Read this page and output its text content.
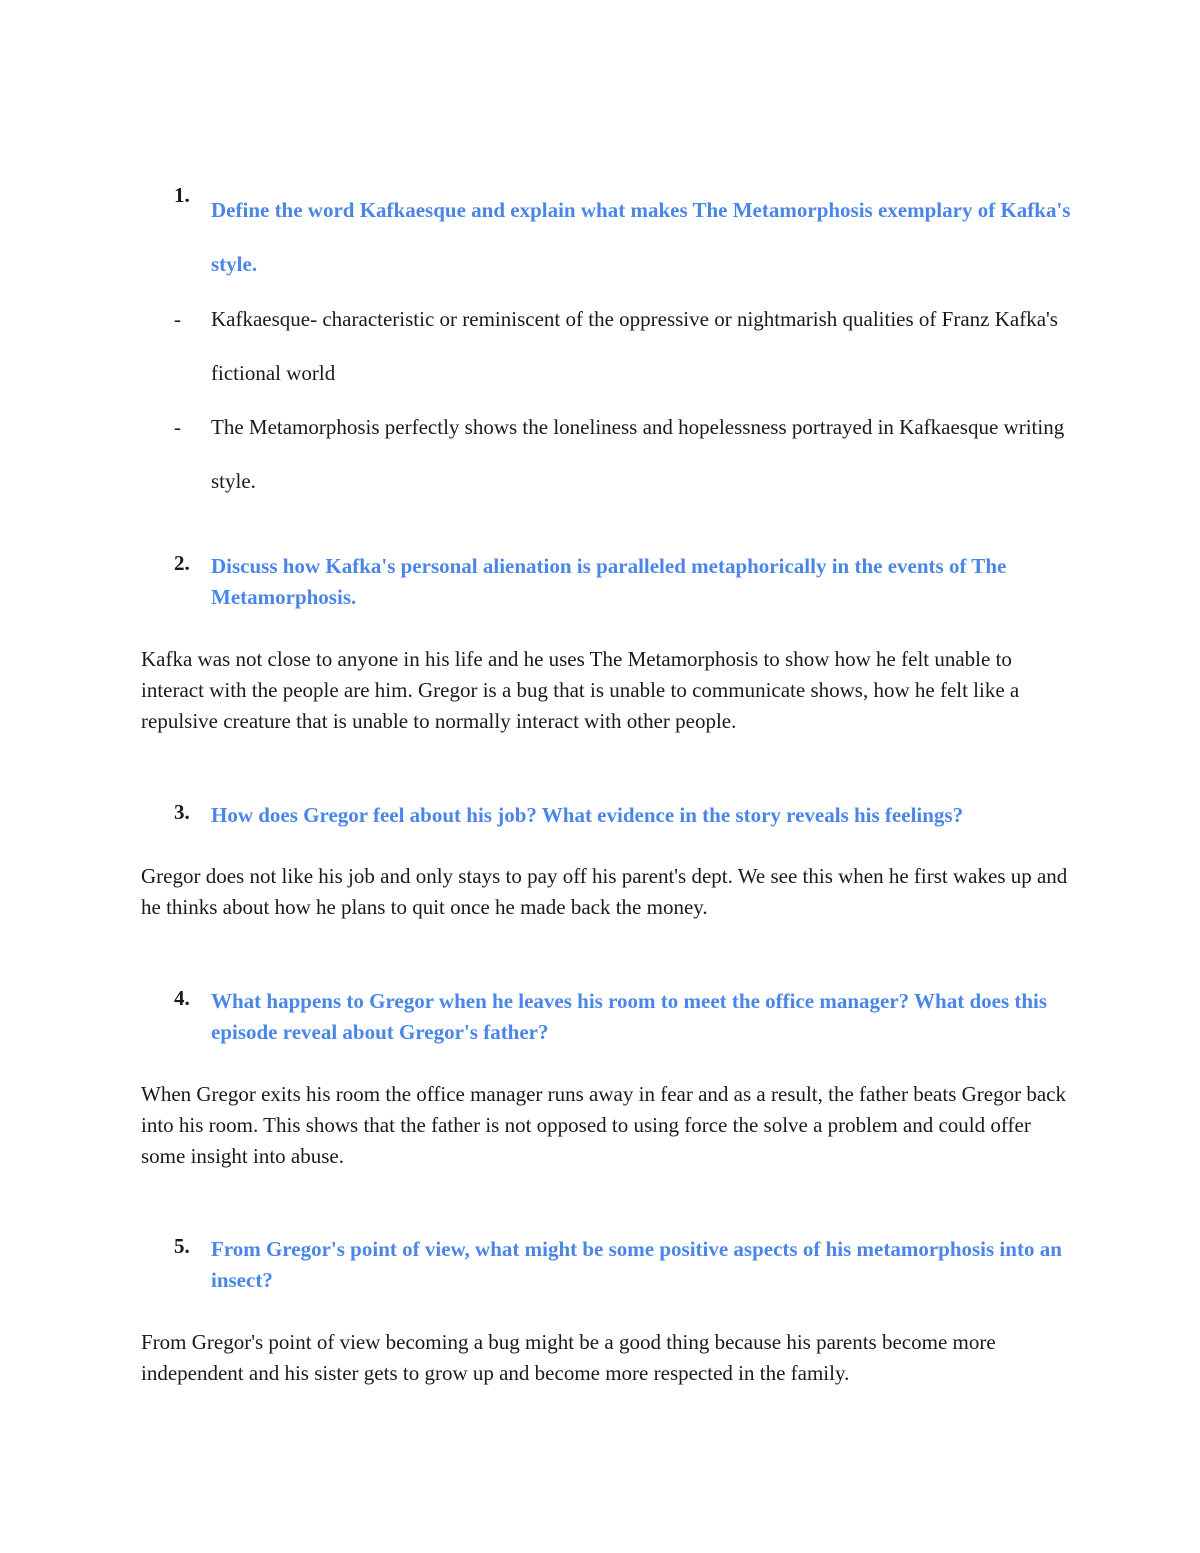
1.
Define the word Kafkaesque and explain what makes The Metamorphosis exemplary of Kafka's style.
- Kafkaesque- characteristic or reminiscent of the oppressive or nightmarish qualities of Franz Kafka's fictional world
- The Metamorphosis perfectly shows the loneliness and hopelessness portrayed in Kafkaesque writing style.
2. Discuss how Kafka's personal alienation is paralleled metaphorically in the events of The Metamorphosis.
Kafka was not close to anyone in his life and he uses The Metamorphosis to show how he felt unable to interact with the people are him. Gregor is a bug that is unable to communicate shows, how he felt like a repulsive creature that is unable to normally interact with other people.
3. How does Gregor feel about his job? What evidence in the story reveals his feelings?
Gregor does not like his job and only stays to pay off his parent's dept. We see this when he first wakes up and he thinks about how he plans to quit once he made back the money.
4. What happens to Gregor when he leaves his room to meet the office manager? What does this episode reveal about Gregor's father?
When Gregor exits his room the office manager runs away in fear and as a result, the father beats Gregor back into his room. This shows that the father is not opposed to using force the solve a problem and could offer some insight into abuse.
5. From Gregor's point of view, what might be some positive aspects of his metamorphosis into an insect?
From Gregor's point of view becoming a bug might be a good thing because his parents become more independent and his sister gets to grow up and become more respected in the family.
